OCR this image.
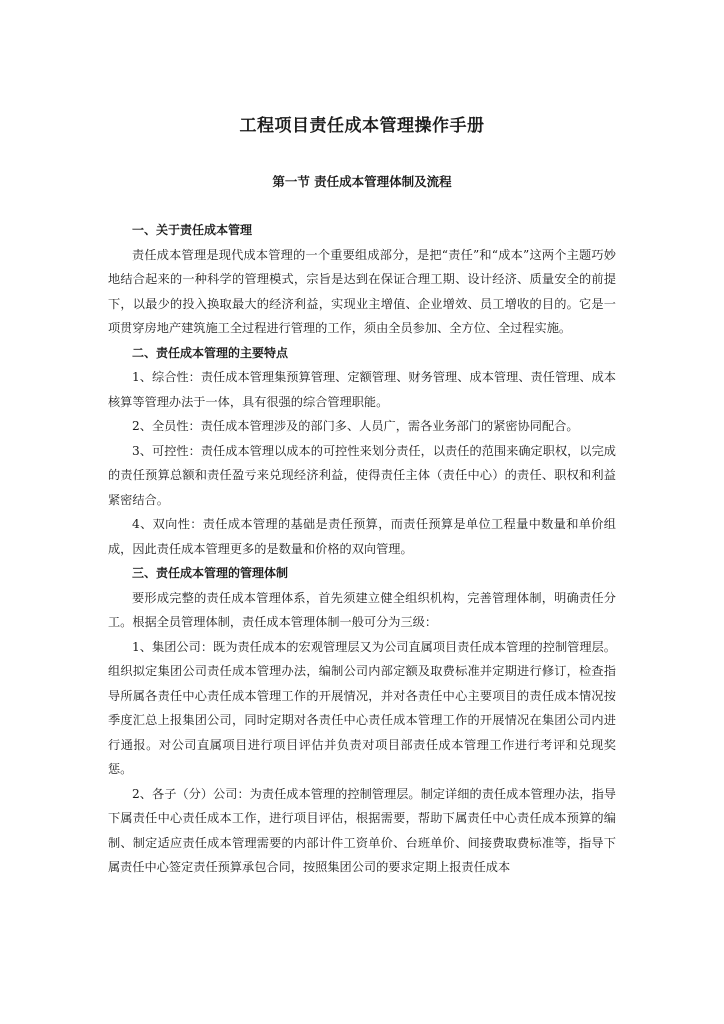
工程项目责任成本管理操作手册
第一节 责任成本管理体制及流程

一、关于责任成本管理

责任成本管理是现代成本管理的一个重要组成部分，是把“责任”和“成本”这两个主题巧妙地结合起来的一种科学的管理模式，宗旨是达到在保证合理工期、设计经济、质量安全的前提下，以最少的投入换取最大的经济利益，实现业主增值、企业增效、员工增收的目的。它是一项贯穿房地产建筑施工全过程进行管理的工作，须由全员参加、全方位、全过程实施。

二、责任成本管理的主要特点

1、综合性：责任成本管理集预算管理、定额管理、财务管理、成本管理、责任管理、成本核算等管理办法于一体，具有很强的综合管理职能。

2、全员性：责任成本管理涉及的部门多、人员广，需各业务部门的紧密协同配合。

3、可控性：责任成本管理以成本的可控性来划分责任，以责任的范围来确定职权，以完成的责任预算总额和责任盈亏来兑现经济利益，使得责任主体（责任中心）的责任、职权和利益紧密结合。

4、双向性：责任成本管理的基础是责任预算，而责任预算是单位工程量中数量和单价组成，因此责任成本管理更多的是数量和价格的双向管理。

三、责任成本管理的管理体制

要形成完整的责任成本管理体系，首先须建立健全组织机构，完善管理体制，明确责任分工。根据全员管理体制，责任成本管理体制一般可分为三级：

1、集团公司：既为责任成本的宏观管理层又为公司直属项目责任成本管理的控制管理层。组织拟定集团公司责任成本管理办法，编制公司内部定额及取费标准并定期进行修订，检查指导所属各责任中心责任成本管理工作的开展情况，并对各责任中心主要项目的责任成本情况按季度汇总上报集团公司，同时定期对各责任中心责任成本管理工作的开展情况在集团公司内进行通报。对公司直属项目进行项目评估并负责对项目部责任成本管理工作进行考评和兑现奖惩。

2、各子（分）公司：为责任成本管理的控制管理层。制定详细的责任成本管理办法，指导下属责任中心责任成本工作，进行项目评估，根据需要，帮助下属责任中心责任成本预算的编制、制定适应责任成本管理需要的内部计件工资单价、台班单价、间接费取费标准等，指导下属责任中心签定责任预算承包合同，按照集团公司的要求定期上报责任成本
